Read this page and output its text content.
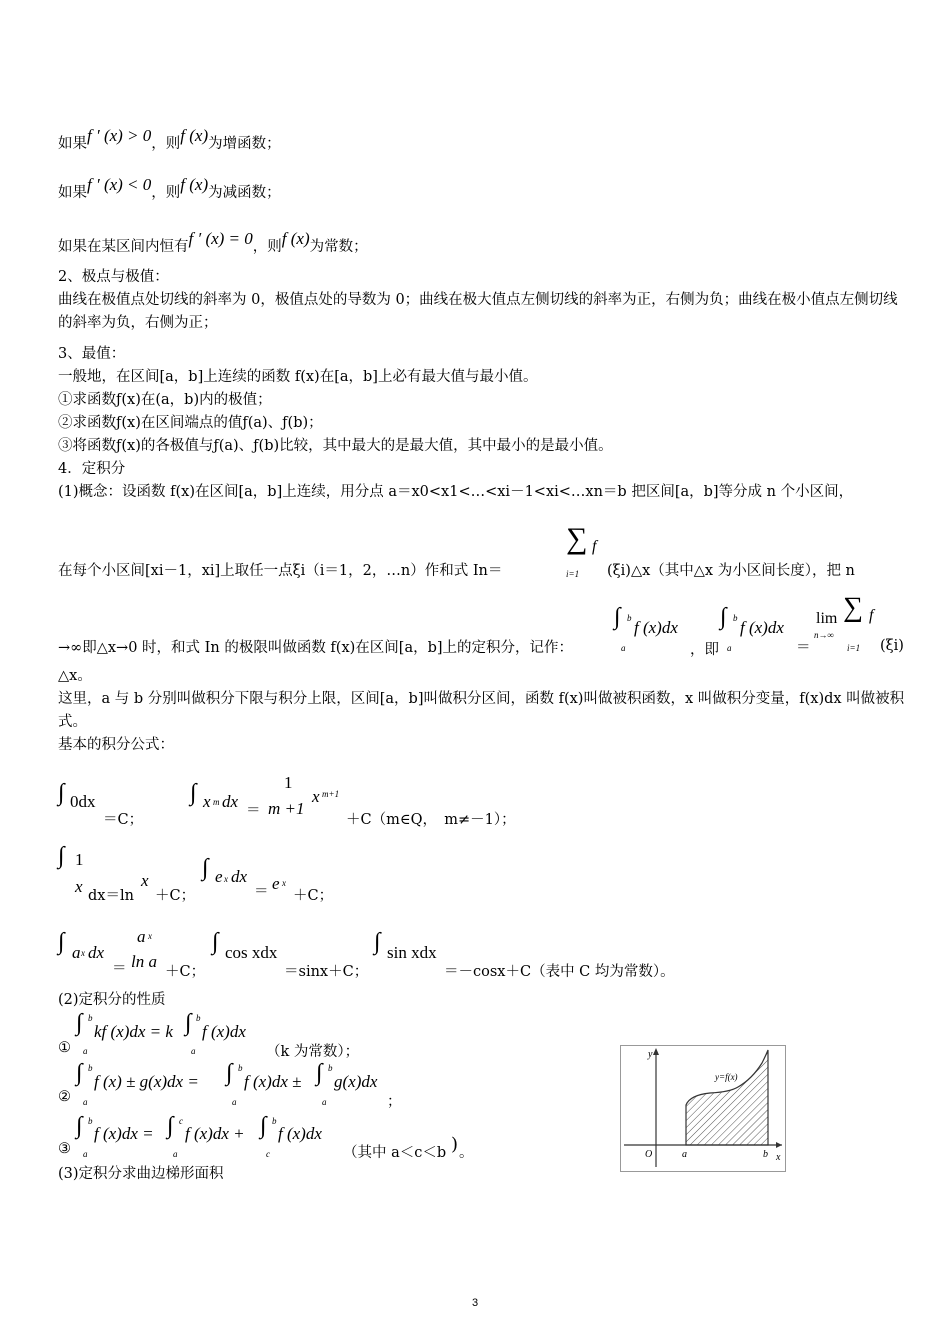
如果f ′ (x) > 0，则f (x)为增函数；
如果f ′ (x) < 0，则f (x)为减函数；
如果在某区间内恒有f ′ (x) = 0，则f (x)为常数；
2、极点与极值：
曲线在极值点处切线的斜率为 0，极值点处的导数为 0；曲线在极大值点左侧切线的斜率为正，右侧为负；曲线在极小值点左侧切线的斜率为负，右侧为正；
3、最值：
一般地，在区间[a，b]上连续的函数 f(x)在[a，b]上必有最大值与最小值。
①求函数ƒ(x)在(a，b)内的极值；
②求函数ƒ(x)在区间端点的值ƒ(a)、ƒ(b)；
③将函数ƒ(x)的各极值与ƒ(a)、ƒ(b)比较，其中最大的是最大值，其中最小的是最小值。
4．定积分
(1)概念：设函数 f(x)在区间[a，b]上连续，用分点 a＝x0<x1<…<xi－1<xi<…xn＝b 把区间[a，b]等分成 n 个小区间，
∑ f
i=1
在每个小区间[xi－1，xi]上取任一点ξi（i＝1，2，…n）作和式 In＝	(ξi)△x（其中△x 为小区间长度），把 n
→∞即△x→0 时，和式 In 的极限叫做函数 f(x)在区间[a，b]上的定积分，记作：
∫ b
a
f (x)dx
，即
∫ b
a
f (x)dx
＝
lim
n→∞
∑ f
i=1 (ξi)
△x。
这里，a 与 b 分别叫做积分下限与积分上限，区间[a，b]叫做积分区间，函数 f(x)叫做被积函数，x 叫做积分变量，f(x)dx 叫做被积式。
基本的积分公式：
∫ 0dx
＝C；
∫ x m dx ＝
1
m +1
x m+1
＋C（m∈Q，　m≠－1）；
∫ 1
x dx＝ln
x
＋C；
∫ e x dx
＝ e x
＋C；
∫ a x dx
a x
＝ ln a
＋C；
∫ cos xdx
＝sinx＋C；
∫ sin xdx
＝－cosx＋C（表中 C 均为常数）。
(2)定积分的性质
∫ b
a
kf (x)dx = k ∫ b
a
f (x)dx
①	（k 为常数）；
∫ b
a
f (x) ± g(x)dx = ∫ b
a
f (x)dx ± ∫ b
a
g(x)dx
②	；
∫ b
a
f (x)dx = ∫ c
a
f (x)dx + ∫ b
c
f (x)dx
③	（其中 a＜c＜b ) 。
(3)定积分求曲边梯形面积
y=f(x)
y
x
O	a	b
3
